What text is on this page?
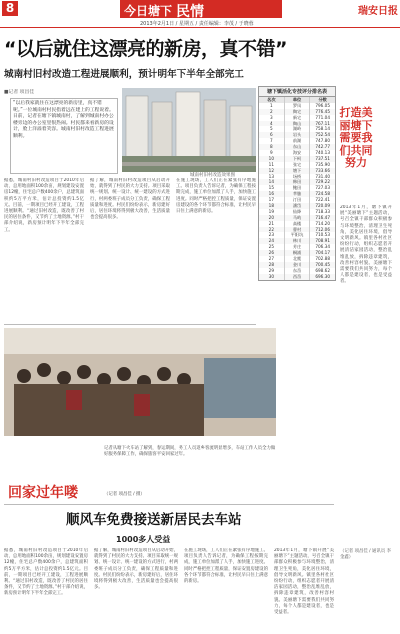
8	今日塘下 民情	瑞安日报
2013年2月1日 / 星期五 / 责任编辑：李茂 / 于晓蓉
“以后就住这漂亮的新房，真不错”
城南村旧村改造工程进展顺利，预计明年下半年全部完工
■记者 项昌佳
“以后我家就住在这漂亮的新房里，真不错呢。”一位城南村村民指着远在建上的工程说着。日前，记者在塘下镇城南村，了解到城南村办公楼旁边的办公室里很热闹。村民都来看新房的设计，脸上洋溢着笑容。城南村旧村改造工程进展顺利。
城南村旧村改造效果图
据悉，城南村旧村改造项目于2010年启动，总用地面积100余亩，规划建设安置房12幢，住宅总户数400余户，总建筑面积约5万平方米，估计总投资约1.5亿元。目前，一期项目已经开工建设，工程进展顺利。“通过旧村改造，既改善了村民的居住条件，又节约了土地资源。”村干部介绍说，新房预计明年下半年全部完工。
据了解，城南村旧村改造项目从启动开始，就得到了村民的大力支持。项目采取统一规划、统一设计、统一建设的方式进行，村两委班子成员分工负责，确保工程质量和进度。村民们纷纷表示，新房建好后，居住环境将得到极大改善，生活质量也会提高很多。
在施工现场，工人们正在紧张有序地施工。项目负责人告诉记者，为确保工程按期完成，施工单位加派了人手，加快施工进度。同时严格把控工程质量，保证安置房建设的各个环节都符合标准，让村民早日住上满意的新房。
塘下镇活化专技评分排名表
名次	单位	分数
1	罗凤	796.05
2	陶宅	776.45
3	新宅	771.04
4	陶山	767.11
5	湖岭	758.14
6	岩头	752.54
7	前湖	747.80
8	东山	742.77
9	海安	740.13
10	下柯	737.51
11	张宅	735.90
12	塘下	733.66
13	场桥	731.40
14	韩田	729.22
15	鲍田	727.03
16	莘塍	724.58
17	汀田	722.41
18	潘岱	720.09
19	仙降	718.33
20	马屿	716.47
21	高楼	714.20
22	曹村	712.06
23	平阳坑	710.53
24	林川	708.91
25	芳庄	706.34
26	桐浦	704.17
27	北麂	702.88
28	金川	700.45
29	东岙	698.62
30	西岙	696.30
打造美丽塘下需要我们共同努力
2013年1月，塘下镇开展“美丽塘下”主题活动，号召全镇干部群众积极参与环境整治，清理卫生死角，美化居住环境，倡导文明新风。镇里各村社区纷纷行动，组织志愿者开展清洁家园活动，整治乱堆乱放，拆除违章建筑，改善村容村貌。美丽塘下需要我们共同努力，每个人都是建设者，也是受益者。
（记者 项昌佳 / 通讯员 李金鑫）
回家过年喽
记者从塘下火车站了解到，春运期间，务工人员返乡客流明显增多，车站工作人员全力做好服务保障工作，确保旅客平安回家过年。
（记者 项昌佳 / 摄）
顺风车免费接送新居民去车站
1000多人受益
据悉，城南村旧村改造项目于2010年启动，总用地面积100余亩，规划建设安置房12幢，住宅总户数400余户，总建筑面积约5万平方米，估计总投资约1.5亿元。目前，一期项目已经开工建设，工程进展顺利。“通过旧村改造，既改善了村民的居住条件，又节约了土地资源。”村干部介绍说，新房预计明年下半年全部完工。
据了解，城南村旧村改造项目从启动开始，就得到了村民的大力支持。项目采取统一规划、统一设计、统一建设的方式进行，村两委班子成员分工负责，确保工程质量和进度。村民们纷纷表示，新房建好后，居住环境将得到极大改善，生活质量也会提高很多。
在施工现场，工人们正在紧张有序地施工。项目负责人告诉记者，为确保工程按期完成，施工单位加派了人手，加快施工进度。同时严格把控工程质量，保证安置房建设的各个环节都符合标准，让村民早日住上满意的新房。
2013年1月，塘下镇开展“美丽塘下”主题活动，号召全镇干部群众积极参与环境整治，清理卫生死角，美化居住环境，倡导文明新风。镇里各村社区纷纷行动，组织志愿者开展清洁家园活动，整治乱堆乱放，拆除违章建筑，改善村容村貌。美丽塘下需要我们共同努力，每个人都是建设者，也是受益者。
